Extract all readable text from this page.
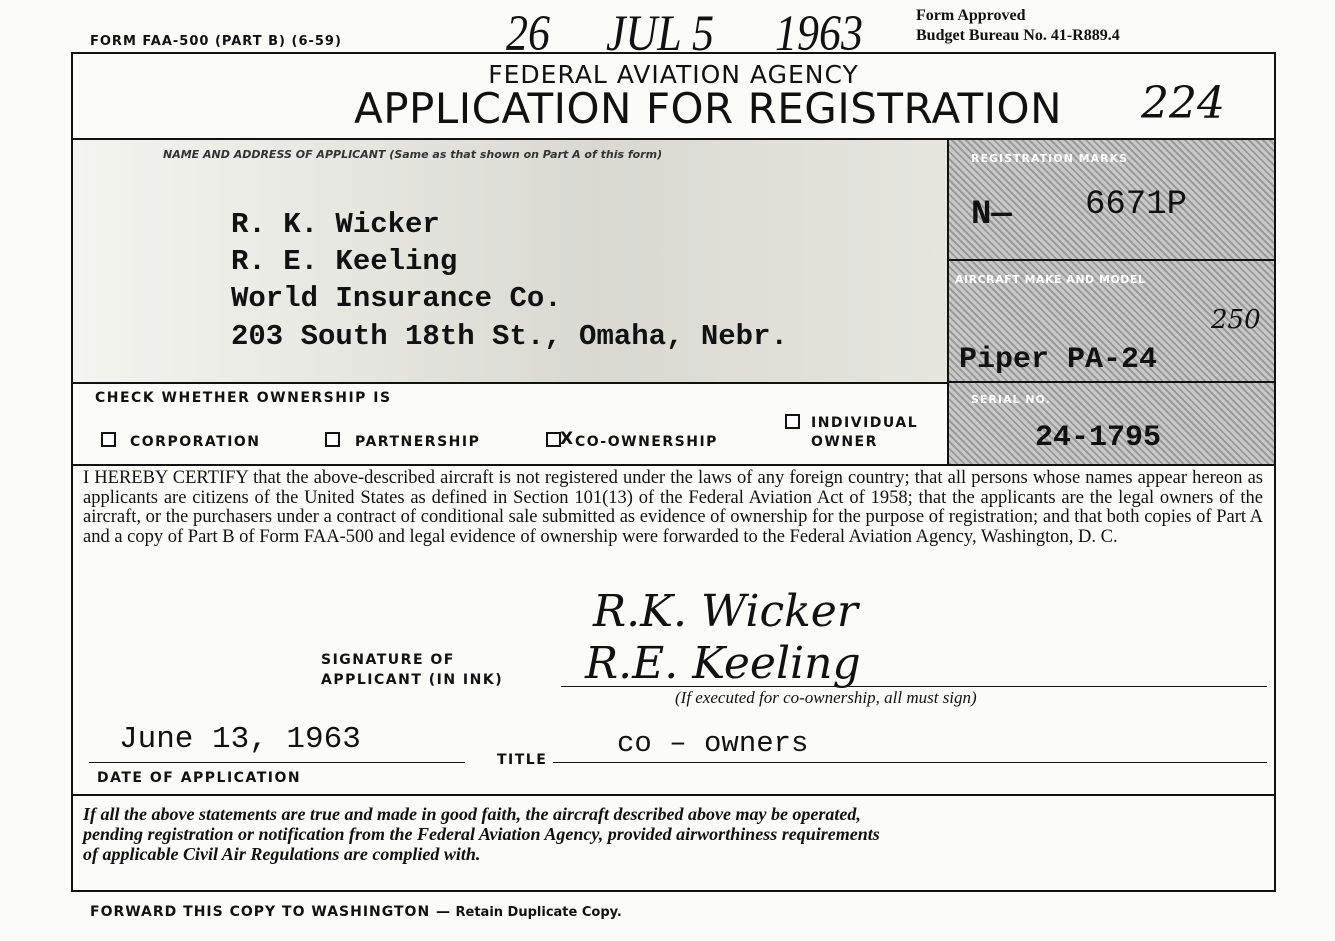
FORM FAA-500 (PART B) (6-59)	26 JUL 5 1963	Form Approved
Budget Bureau No. 41-R889.4
FEDERAL AVIATION AGENCY
APPLICATION FOR REGISTRATION	224
NAME AND ADDRESS OF APPLICANT (Same as that shown on Part A of this form)
R. K. Wicker
R. E. Keeling
World Insurance Co.
203 South 18th St., Omaha, Nebr.
REGISTRATION MARKS
N— 6671P
AIRCRAFT MAKE AND MODEL
Piper PA-24
250
SERIAL NO.
24-1795
CHECK WHETHER OWNERSHIP IS
CORPORATION	PARTNERSHIP	X CO-OWNERSHIP
INDIVIDUAL
OWNER
I HEREBY CERTIFY that the above-described aircraft is not registered under the laws of any foreign country; that all persons whose names appear hereon as applicants are citizens of the United States as defined in Section 101(13) of the Federal Aviation Act of 1958; that the applicants are the legal owners of the aircraft, or the purchasers under a contract of conditional sale submitted as evidence of ownership for the purpose of registration; and that both copies of Part A and a copy of Part B of Form FAA-500 and legal evidence of ownership were forwarded to the Federal Aviation Agency, Washington, D. C.
R.K. Wicker
R.E. Keeling
SIGNATURE OF
APPLICANT (IN INK)
(If executed for co-ownership, all must sign)
June 13, 1963
DATE OF APPLICATION
TITLE co – owners
If all the above statements are true and made in good faith, the aircraft described above may be operated,
pending registration or notification from the Federal Aviation Agency, provided airworthiness requirements
of applicable Civil Air Regulations are complied with.
FORWARD THIS COPY TO WASHINGTON — Retain Duplicate Copy.
